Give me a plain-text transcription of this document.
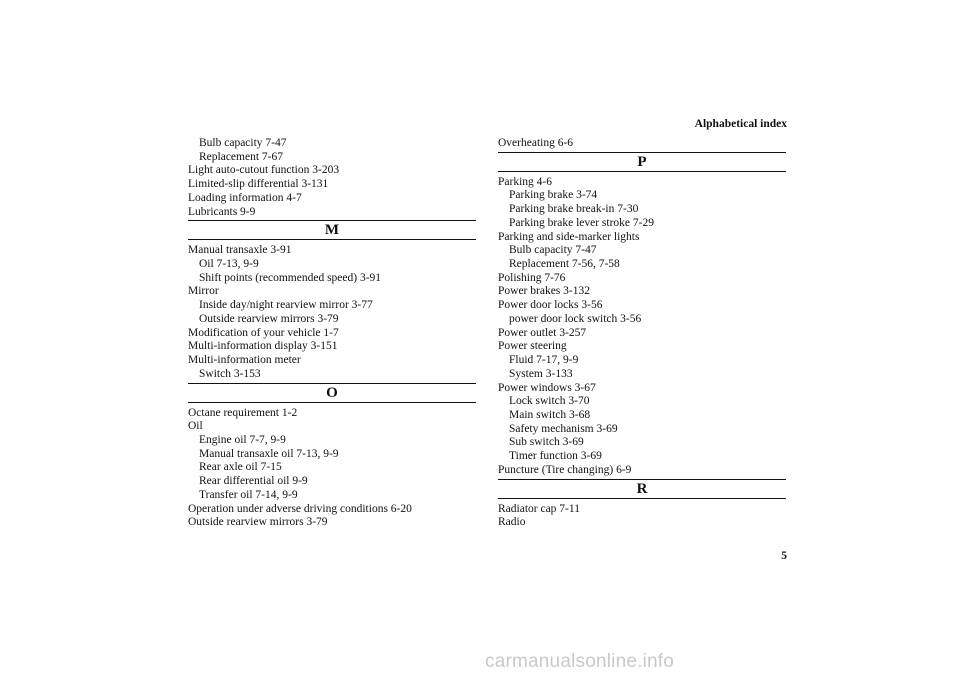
Alphabetical index
Bulb capacity 7-47
Replacement 7-67
Light auto-cutout function 3-203
Limited-slip differential 3-131
Loading information 4-7
Lubricants 9-9
M
Manual transaxle 3-91
Oil 7-13, 9-9
Shift points (recommended speed) 3-91
Mirror
Inside day/night rearview mirror 3-77
Outside rearview mirrors 3-79
Modification of your vehicle 1-7
Multi-information display 3-151
Multi-information meter
Switch 3-153
O
Octane requirement 1-2
Oil
Engine oil 7-7, 9-9
Manual transaxle oil 7-13, 9-9
Rear axle oil 7-15
Rear differential oil 9-9
Transfer oil 7-14, 9-9
Operation under adverse driving conditions 6-20
Outside rearview mirrors 3-79
Overheating 6-6
P
Parking 4-6
Parking brake 3-74
Parking brake break-in 7-30
Parking brake lever stroke 7-29
Parking and side-marker lights
Bulb capacity 7-47
Replacement 7-56, 7-58
Polishing 7-76
Power brakes 3-132
Power door locks 3-56
power door lock switch 3-56
Power outlet 3-257
Power steering
Fluid 7-17, 9-9
System 3-133
Power windows 3-67
Lock switch 3-70
Main switch 3-68
Safety mechanism 3-69
Sub switch 3-69
Timer function 3-69
Puncture (Tire changing) 6-9
R
Radiator cap 7-11
Radio
5
carmanualsonline.info
